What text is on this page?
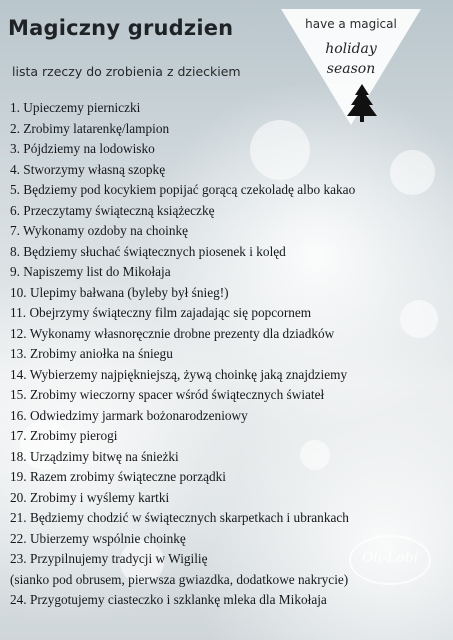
Magiczny grudzien

lista rzeczy do zrobienia z dzieckiem

have a magical
holiday
season
1. Upieczemy pierniczki
2. Zrobimy latarenkę/lampion
3. Pójdziemy na lodowisko
4. Stworzymy własną szopkę
5. Będziemy pod kocykiem popijać gorącą czekoladę albo kakao
6. Przeczytamy świąteczną książeczkę
7. Wykonamy ozdoby na choinkę
8. Będziemy słuchać świątecznych piosenek i kolęd
9. Napiszemy list do Mikołaja
10. Ulepimy bałwana (byleby był śnieg!)
11. Obejrzymy świąteczny film zajadając się popcornem
12. Wykonamy własnoręcznie drobne prezenty dla dziadków
13. Zrobimy aniołka na śniegu
14. Wybierzemy najpiękniejszą, żywą choinkę jaką znajdziemy
15. Zrobimy wieczorny spacer wśród świątecznych świateł
16. Odwiedzimy jarmark bożonarodzeniowy
17. Zrobimy pierogi
18. Urządzimy bitwę na śnieżki
19. Razem zrobimy świąteczne porządki
20. Zrobimy i wyślemy kartki
21. Będziemy chodzić w świątecznych skarpetkach i ubrankach
22. Ubierzemy wspólnie choinkę
23. Przypilnujemy tradycji w Wigilię
(sianko pod obrusem, pierwsza gwiazdka, dodatkowe nakrycie)
24. Przygotujemy ciasteczko i szklankę mleka dla Mikołaja
Oli-Lobi
